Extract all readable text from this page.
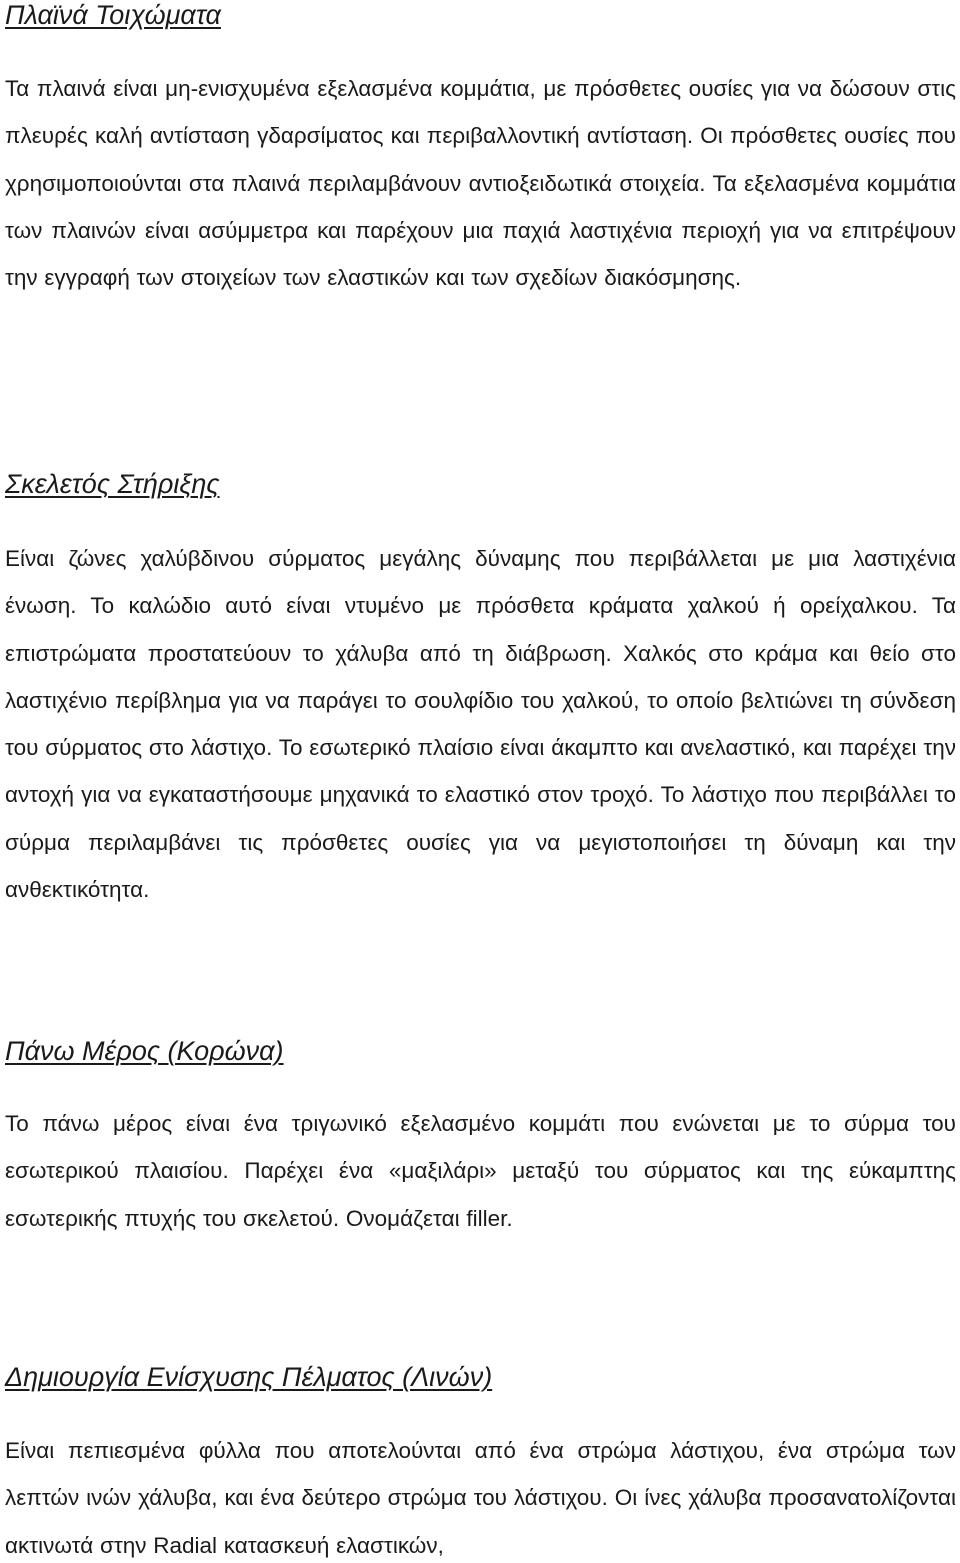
Πλαϊνά Τοιχώματα

Τα πλαινά είναι μη-ενισχυμένα εξελασμένα κομμάτια, με πρόσθετες ουσίες για να δώσουν στις πλευρές καλή αντίσταση γδαρσίματος και περιβαλλοντική αντίσταση. Οι πρόσθετες ουσίες που χρησιμοποιούνται στα πλαινά περιλαμβάνουν αντιοξειδωτικά στοιχεία. Τα εξελασμένα κομμάτια των πλαινών είναι ασύμμετρα και παρέχουν μια παχιά λαστιχένια περιοχή για να επιτρέψουν την εγγραφή των στοιχείων των ελαστικών και των σχεδίων διακόσμησης.

Σκελετός Στήριξης

Είναι ζώνες χαλύβδινου σύρματος μεγάλης δύναμης που περιβάλλεται με μια λαστιχένια ένωση. Το καλώδιο αυτό είναι ντυμένο με πρόσθετα κράματα χαλκού ή ορείχαλκου. Τα επιστρώματα προστατεύουν το χάλυβα από τη διάβρωση. Χαλκός στο κράμα και θείο στο λαστιχένιο περίβλημα για να παράγει το σουλφίδιο του χαλκού, το οποίο βελτιώνει τη σύνδεση του σύρματος στο λάστιχο. Το εσωτερικό πλαίσιο είναι άκαμπτο και ανελαστικό, και παρέχει την αντοχή για να εγκαταστήσουμε μηχανικά το ελαστικό στον τροχό. Το λάστιχο που περιβάλλει το σύρμα περιλαμβάνει τις πρόσθετες ουσίες για να μεγιστοποιήσει τη δύναμη και την ανθεκτικότητα.

Πάνω Μέρος (Κορώνα)

Το πάνω μέρος είναι ένα τριγωνικό εξελασμένο κομμάτι που ενώνεται με το σύρμα του εσωτερικού πλαισίου. Παρέχει ένα «μαξιλάρι» μεταξύ του σύρματος και της εύκαμπτης εσωτερικής πτυχής του σκελετού. Ονομάζεται filler.

Δημιουργία Ενίσχυσης Πέλματος (Λινών)

Είναι πεπιεσμένα φύλλα που αποτελούνται από ένα στρώμα λάστιχου, ένα στρώμα των λεπτών ινών χάλυβα, και ένα δεύτερο στρώμα του λάστιχου. Οι ίνες χάλυβα προσανατολίζονται ακτινωτά στην Radial κατασκευή ελαστικών,
